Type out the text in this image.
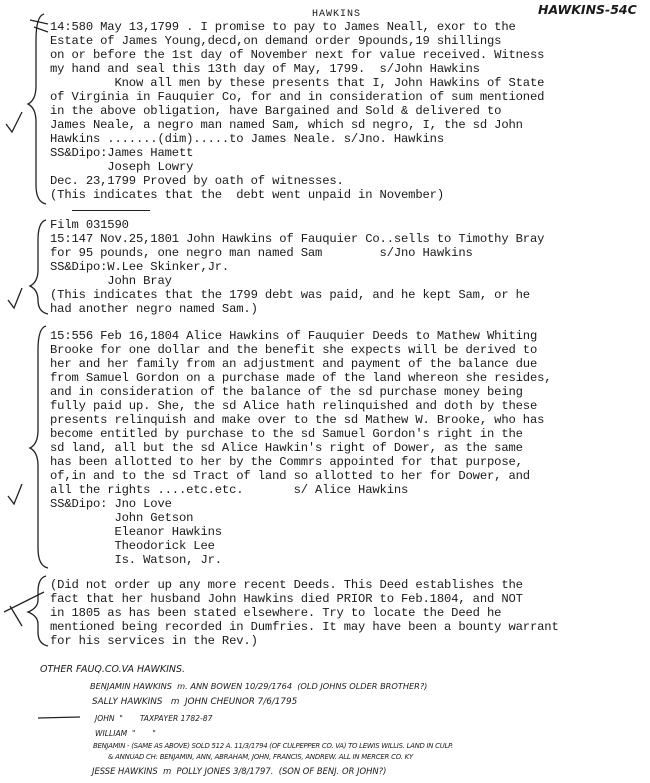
HAWKINS-54C
HAWKINS
14:580 May 13,1799 . I promise to pay to James Neall, exor to the
Estate of James Young,decd,on demand order 9pounds,19 shillings
on or before the 1st day of November next for value received. Witness
my hand and seal this 13th day of May, 1799.  s/John Hawkins
Know all men by these presents that I, John Hawkins of State
of Virginia in Fauquier Co, for and in consideration of sum mentioned
in the above obligation, have Bargained and Sold & delivered to
James Neale, a negro man named Sam, which sd negro, I, the sd John
Hawkins .......(dim).....to James Neale. s/Jno. Hawkins
SS&Dipo:James Hamett
Joseph Lowry
Dec. 23,1799 Proved by oath of witnesses.
(This indicates that the  debt went unpaid in November)
Film 031590
15:147 Nov.25,1801 John Hawkins of Fauquier Co..sells to Timothy Bray
for 95 pounds, one negro man named Sam        s/Jno Hawkins
SS&Dipo:W.Lee Skinker,Jr.
John Bray
(This indicates that the 1799 debt was paid, and he kept Sam, or he
had another negro named Sam.)
15:556 Feb 16,1804 Alice Hawkins of Fauquier Deeds to Mathew Whiting
Brooke for one dollar and the benefit she expects will be derived to
her and her family from an adjustment and payment of the balance due
from Samuel Gordon on a purchase made of the land whereon she resides,
and in consideration of the balance of the sd purchase money being
fully paid up. She, the sd Alice hath relinquished and doth by these
presents relinquish and make over to the sd Mathew W. Brooke, who has
become entitled by purchase to the sd Samuel Gordon's right in the
sd land, all but the sd Alice Hawkin's right of Dower, as the same
has been allotted to her by the Commrs appointed for that purpose,
of,in and to the sd Tract of land so allotted to her for Dower, and
all the rights ....etc.etc.       s/ Alice Hawkins
SS&Dipo: Jno Love
John Getson
Eleanor Hawkins
Theodorick Lee
Is. Watson, Jr.
(Did not order up any more recent Deeds. This Deed establishes the
fact that her husband John Hawkins died PRIOR to Feb.1804, and NOT
in 1805 as has been stated elsewhere. Try to locate the Deed he
mentioned being recorded in Dumfries. It may have been a bounty warrant
for his services in the Rev.)
OTHER FAUQ.CO.VA HAWKINS.
BENJAMIN HAWKINS  m. ANN BOWEN 10/29/1764  (OLD JOHNS OLDER BROTHER?)
SALLY HAWKINS   m  JOHN CHEUNOR 7/6/1795
JOHN  "       TAXPAYER 1782-87
WILLIAM  "       "
BENJAMIN - (SAME AS ABOVE) SOLD 512 A. 11/3/1794 (OF CULPEPPER CO. VA) TO LEWIS WILLIS. LAND IN CULP.
& ANNUAD CH: BENJAMIN, ANN, ABRAHAM, JOHN, FRANCIS, ANDREW. ALL IN MERCER CO. KY
JESSE HAWKINS  m  POLLY JONES 3/8/1797.  (SON OF BENJ. OR JOHN?)
